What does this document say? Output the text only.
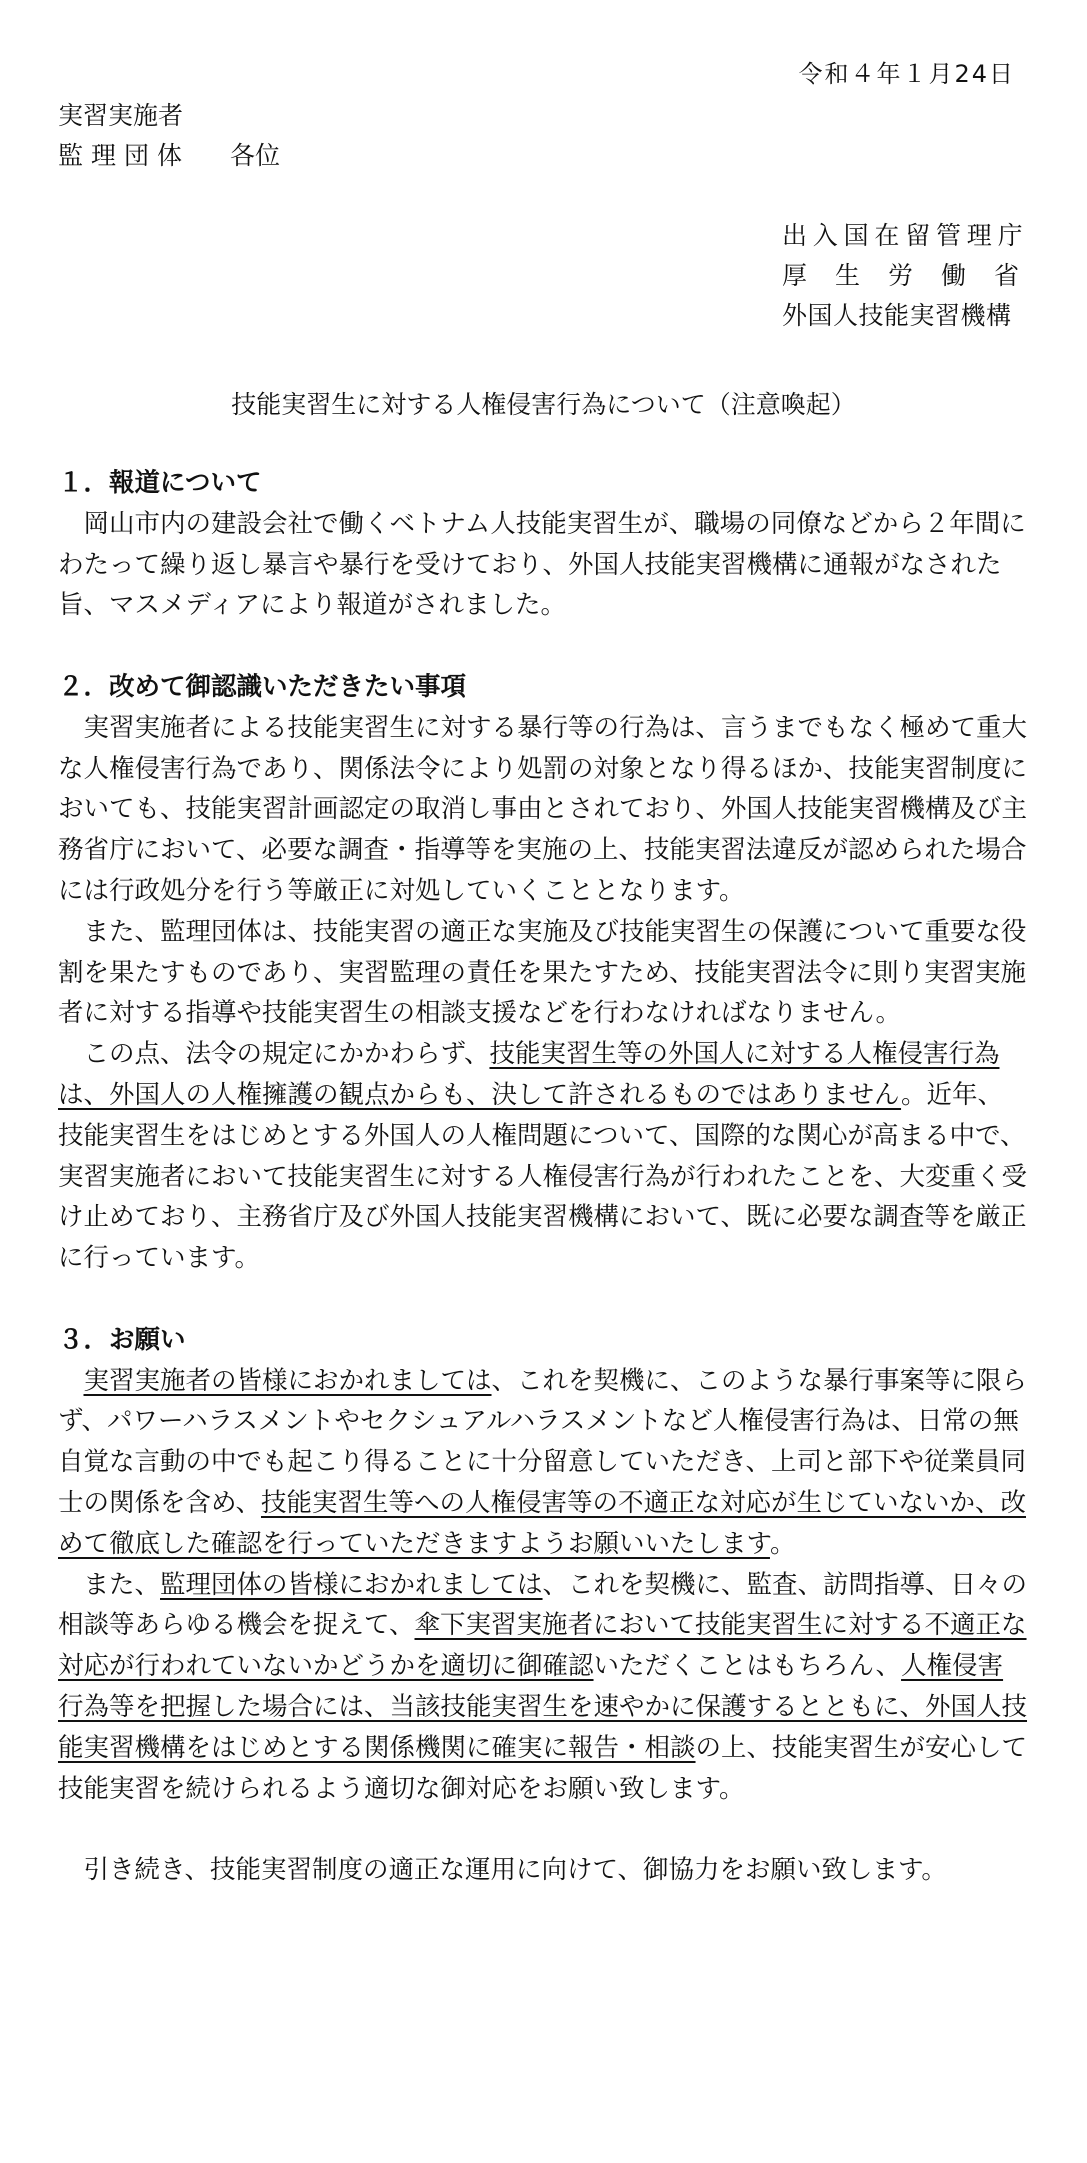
令和４年１月24日
実習実施者
監理団体 各位
出入国在留管理庁
厚生労働省
外国人技能実習機構
技能実習生に対する人権侵害行為について（注意喚起）

１．報道について

岡山市内の建設会社で働くベトナム人技能実習生が、職場の同僚などから２年間にわたって繰り返し暴言や暴行を受けており、外国人技能実習機構に通報がなされた旨、マスメディアにより報道がされました。

２．改めて御認識いただきたい事項

実習実施者による技能実習生に対する暴行等の行為は、言うまでもなく極めて重大な人権侵害行為であり、関係法令により処罰の対象となり得るほか、技能実習制度においても、技能実習計画認定の取消し事由とされており、外国人技能実習機構及び主務省庁において、必要な調査・指導等を実施の上、技能実習法違反が認められた場合には行政処分を行う等厳正に対処していくこととなります。

また、監理団体は、技能実習の適正な実施及び技能実習生の保護について重要な役割を果たすものであり、実習監理の責任を果たすため、技能実習法令に則り実習実施者に対する指導や技能実習生の相談支援などを行わなければなりません。

この点、法令の規定にかかわらず、技能実習生等の外国人に対する人権侵害行為は、外国人の人権擁護の観点からも、決して許されるものではありません。近年、技能実習生をはじめとする外国人の人権問題について、国際的な関心が高まる中で、実習実施者において技能実習生に対する人権侵害行為が行われたことを、大変重く受け止めており、主務省庁及び外国人技能実習機構において、既に必要な調査等を厳正に行っています。

３．お願い

実習実施者の皆様におかれましては、これを契機に、このような暴行事案等に限らず、パワーハラスメントやセクシュアルハラスメントなど人権侵害行為は、日常の無自覚な言動の中でも起こり得ることに十分留意していただき、上司と部下や従業員同士の関係を含め、技能実習生等への人権侵害等の不適正な対応が生じていないか、改めて徹底した確認を行っていただきますようお願いいたします。

また、監理団体の皆様におかれましては、これを契機に、監査、訪問指導、日々の相談等あらゆる機会を捉えて、傘下実習実施者において技能実習生に対する不適正な対応が行われていないかどうかを適切に御確認いただくことはもちろん、人権侵害行為等を把握した場合には、当該技能実習生を速やかに保護するとともに、外国人技能実習機構をはじめとする関係機関に確実に報告・相談の上、技能実習生が安心して技能実習を続けられるよう適切な御対応をお願い致します。

引き続き、技能実習制度の適正な運用に向けて、御協力をお願い致します。
